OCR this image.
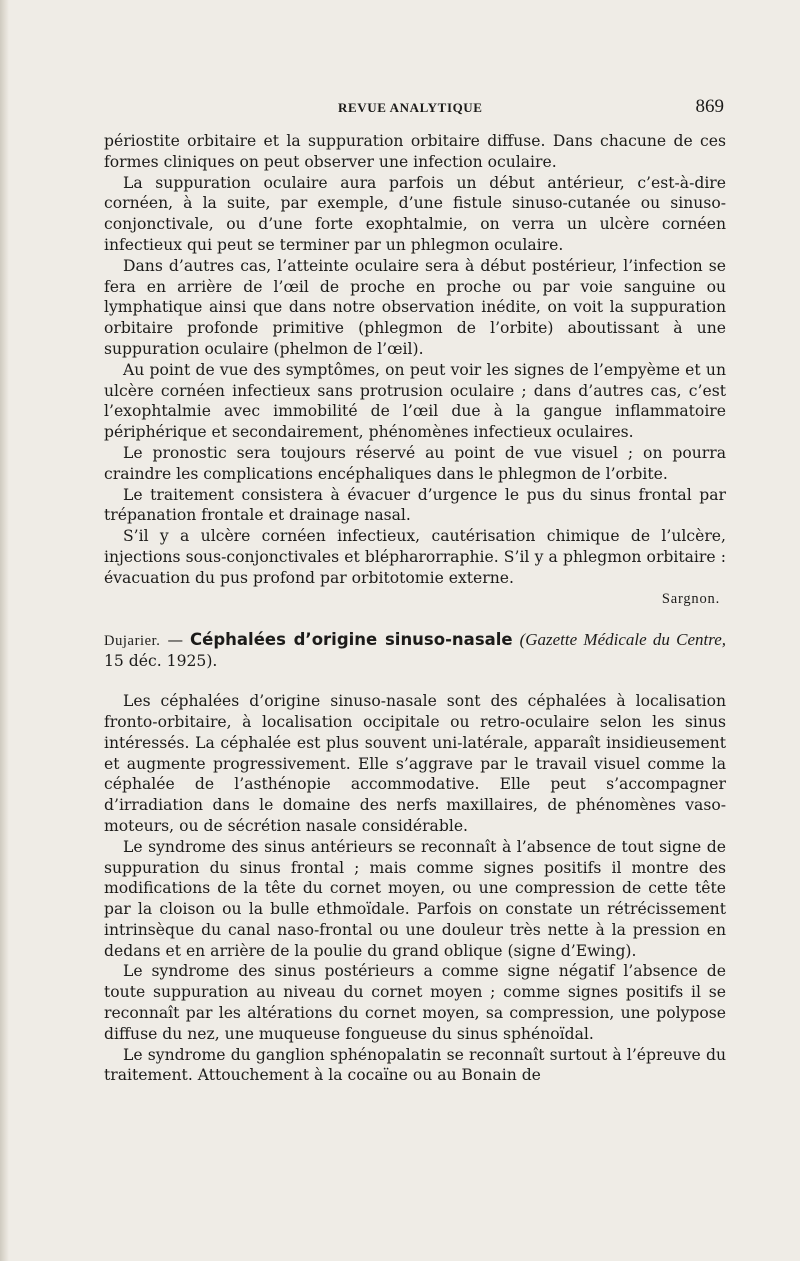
REVUE ANALYTIQUE	869

périostite orbitaire et la suppuration orbitaire diffuse. Dans chacune de ces formes cliniques on peut observer une infection oculaire.

La suppuration oculaire aura parfois un début antérieur, c’est-à-dire cornéen, à la suite, par exemple, d’une fistule sinuso-cutanée ou sinuso-conjonctivale, ou d’une forte exophtalmie, on verra un ulcère cornéen infectieux qui peut se terminer par un phlegmon oculaire.

Dans d’autres cas, l’atteinte oculaire sera à début postérieur, l’infection se fera en arrière de l’œil de proche en proche ou par voie sanguine ou lymphatique ainsi que dans notre observation inédite, on voit la suppuration orbitaire profonde primitive (phlegmon de l’orbite) aboutissant à une suppuration oculaire (phelmon de l’œil).

Au point de vue des symptômes, on peut voir les signes de l’empyème et un ulcère cornéen infectieux sans protrusion oculaire ; dans d’autres cas, c’est l’exophtalmie avec immobilité de l’œil due à la gangue inflammatoire périphérique et secondairement, phénomènes infectieux oculaires.

Le pronostic sera toujours réservé au point de vue visuel ; on pourra craindre les complications encéphaliques dans le phlegmon de l’orbite.

Le traitement consistera à évacuer d’urgence le pus du sinus frontal par trépanation frontale et drainage nasal.

S’il y a ulcère cornéen infectieux, cautérisation chimique de l’ulcère, injections sous-conjonctivales et blépharorraphie. S’il y a phlegmon orbitaire : évacuation du pus profond par orbitotomie externe.

Sargnon.
Dujarier. — Céphalées d’origine sinuso-nasale (Gazette Médicale du Centre, 15 déc. 1925).

Les céphalées d’origine sinuso-nasale sont des céphalées à localisation fronto-orbitaire, à localisation occipitale ou retro-oculaire selon les sinus intéressés. La céphalée est plus souvent uni-latérale, apparaît insidieusement et augmente progressivement. Elle s’aggrave par le travail visuel comme la céphalée de l’asthénopie accommodative. Elle peut s’accompagner d’irradiation dans le domaine des nerfs maxillaires, de phénomènes vaso-moteurs, ou de sécrétion nasale considérable.

Le syndrome des sinus antérieurs se reconnaît à l’absence de tout signe de suppuration du sinus frontal ; mais comme signes positifs il montre des modifications de la tête du cornet moyen, ou une compression de cette tête par la cloison ou la bulle ethmoïdale. Parfois on constate un rétrécissement intrinsèque du canal naso-frontal ou une douleur très nette à la pression en dedans et en arrière de la poulie du grand oblique (signe d’Ewing).

Le syndrome des sinus postérieurs a comme signe négatif l’absence de toute suppuration au niveau du cornet moyen ; comme signes positifs il se reconnaît par les altérations du cornet moyen, sa compression, une polypose diffuse du nez, une muqueuse fongueuse du sinus sphénoïdal.

Le syndrome du ganglion sphénopalatin se reconnaît surtout à l’épreuve du traitement. Attouchement à la cocaïne ou au Bonain de
